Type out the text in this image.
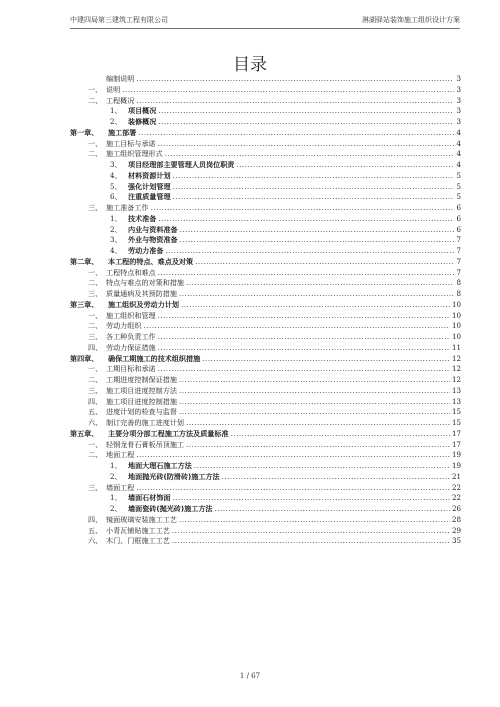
中建四局第三建筑工程有限公司	淋湖驿站装饰施工组织设计方案
目录
编制说明 .....	3
一、 说明 .....	3
二、 工程概况 .....	3
1、 项目概况 .....	3
2、 装修概况 .....	3
第一章、	施工部署 .....	4
一、 施工目标与承诺 .....	4
二、 施工组织管理形式 .....	4
3、 项目经理部主要管理人员岗位职责 .....	4
4、 材料资源计划 .....	5
5、 强化计划管理 .....	5
6、 注重质量管理 .....	5
三、 施工准备工作 .....	6
1、 技术准备 .....	6
2、 内业与资料准备 .....	6
3、 外业与物资准备 .....	7
4、 劳动力准备 .....	7
第二章、	本工程的特点、难点及对策 .....	7
一、 工程特点和难点 .....	7
二、 特点与难点的对策和措施 .....	8
三、 质量通病及其预防措施 .....	8
第三章、	施工组织及劳动力计划 .....	10
一、 施工组织和管理 .....	10
二、 劳动力组织 .....	10
三、 各工种负责工作 .....	10
四、 劳动力保证措施 .....	11
第四章、	确保工期施工的技术组织措施 .....	12
一、 工期目标和承诺 .....	12
二、 工期进度控制保证措施 .....	12
三、 施工项目进度控制方法 .....	13
四、 施工项目进度控制措施 .....	13
五、 进度计划的检查与监督 .....	15
六、 制订完善的施工进度计划 .....	15
第五章、	主要分项分部工程施工方法及质量标准 .....	17
一、 轻钢龙骨石膏板吊顶施工 .....	17
二、 地面工程 .....	19
1、 地面大理石施工方法 .....	19
2、 地面抛光砖(防滑砖)施工方法 .....	21
三、 墙面工程 .....	22
1、 墙面石材饰面 .....	22
2、 墙面瓷砖(抛光砖)施工方法 .....	26
四、 镜面玻璃安装施工工艺 .....	28
五、 小青瓦铺贴施工工艺 .....	29
六、 木门、门框施工工艺 .....	35
1 / 67
